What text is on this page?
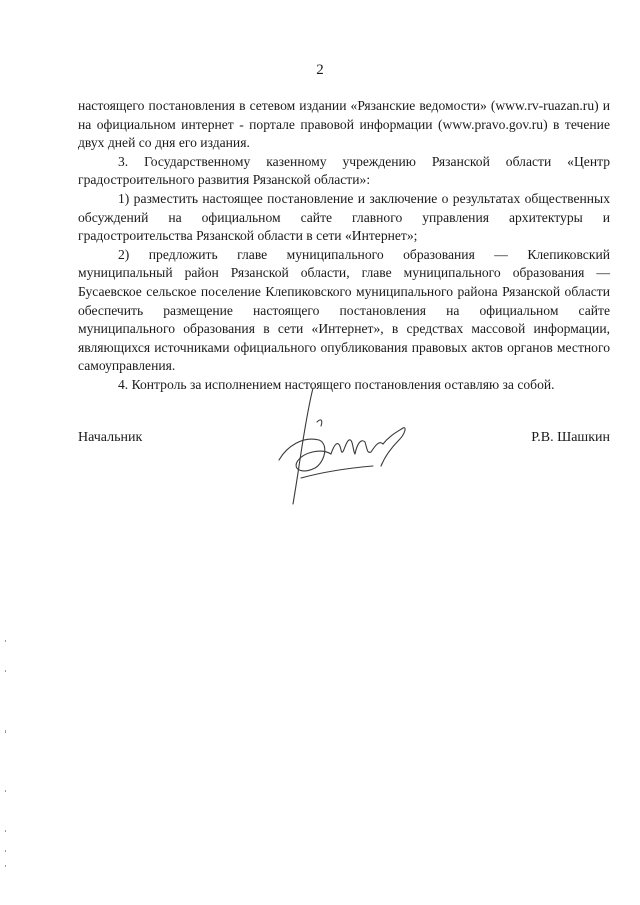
2

настоящего постановления в сетевом издании «Рязанские ведомости» (www.rv-ruazan.ru) и на официальном интернет - портале правовой информации (www.pravo.gov.ru) в течение двух дней со дня его издания.

3. Государственному казенному учреждению Рязанской области «Центр градостроительного развития Рязанской области»:

1) разместить настоящее постановление и заключение о результатах общественных обсуждений на официальном сайте главного управления архитектуры и градостроительства Рязанской области в сети «Интернет»;

2) предложить главе муниципального образования — Клепиковский муниципальный район Рязанской области, главе муниципального образования — Бусаевское сельское поселение Клепиковского муниципального района Рязанской области обеспечить размещение настоящего постановления на официальном сайте муниципального образования в сети «Интернет», в средствах массовой информации, являющихся источниками официального опубликования правовых актов органов местного самоуправления.

4. Контроль за исполнением настоящего постановления оставляю за собой.

Начальник	Р.В. Шашкин
